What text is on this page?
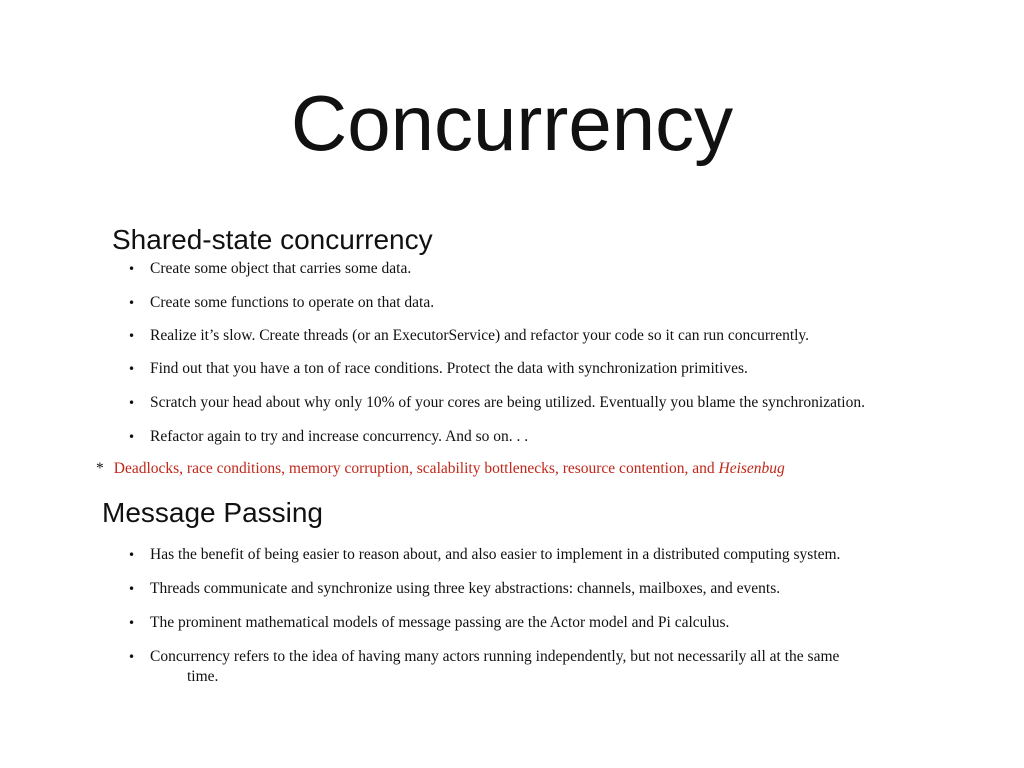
Concurrency
Shared-state concurrency
• Create some object that carries some data.
• Create some functions to operate on that data.
• Realize it’s slow. Create threads (or an ExecutorService) and refactor your code so it can run concurrently.
• Find out that you have a ton of race conditions. Protect the data with synchronization primitives.
• Scratch your head about why only 10% of your cores are being utilized. Eventually you blame the synchronization.
• Refactor again to try and increase concurrency. And so on. . .
* Deadlocks, race conditions, memory corruption, scalability bottlenecks, resource contention, and Heisenbug
Message Passing
• Has the benefit of being easier to reason about, and also easier to implement in a distributed computing system.
• Threads communicate and synchronize using three key abstractions: channels, mailboxes, and events.
• The prominent mathematical models of message passing are the Actor model and Pi calculus.
• Concurrency refers to the idea of having many actors running independently, but not necessarily all at the same
time.
